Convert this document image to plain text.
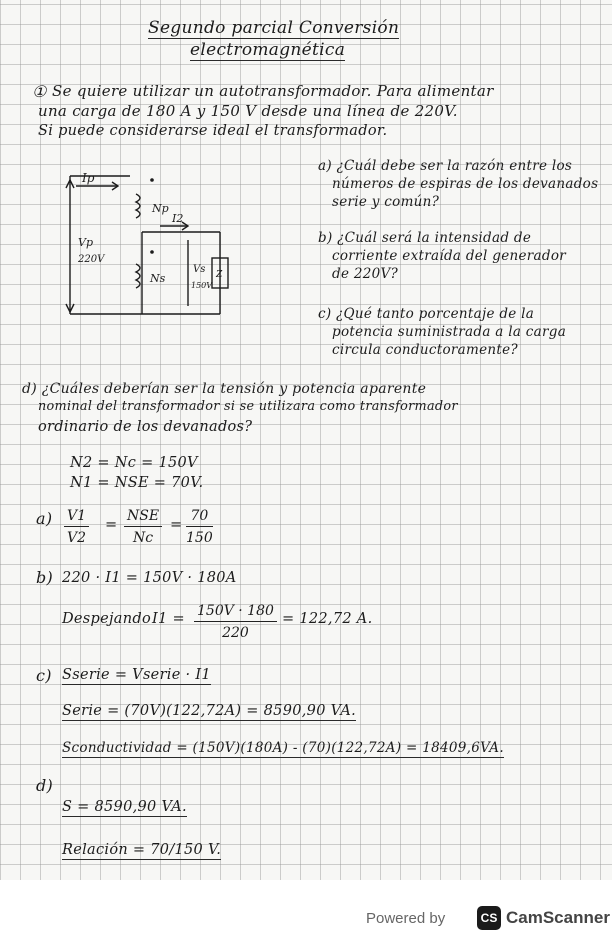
Segundo parcial Conversión
electromagnética
① Se quiere utilizar un autotransformador. Para alimentar
una carga de 180 A y 150 V desde una línea de 220V.
Si puede considerarse ideal el transformador.
a) ¿Cuál debe ser la razón entre los
números de espiras de los devanados
serie y común?
b) ¿Cuál será la intensidad de
corriente extraída del generador
de 220V?
c) ¿Qué tanto porcentaje de la
potencia suministrada a la carga
circula conductoramente?
d) ¿Cuáles deberían ser la tensión y potencia aparente
nominal del transformador si se utilizara como transformador
ordinario de los devanados?
Ip
Np
I2
Vp
220V
Ns
Vs
150V
Z
N2 = Nc = 150V
N1 = NSE = 70V.
$a) \frac{V1}{V2}$ =
NSE
Nc
= $\frac{70}{150}$
b) 220 · I1 = 150V · 180A
Despejando $I1 = \frac{150V \cdot 180}{220} = 122,72$ A.
c) Sserie = Vserie · I1
Serie = (70V)(122,72A) = 8590,90 VA.
Sconductividad = (150V)(180A) - (70)(122,72A) = 18409,6VA.
d)
S = 8590,90 VA.
Relación = 70/150 V.
Powered by	CS CamScanner
